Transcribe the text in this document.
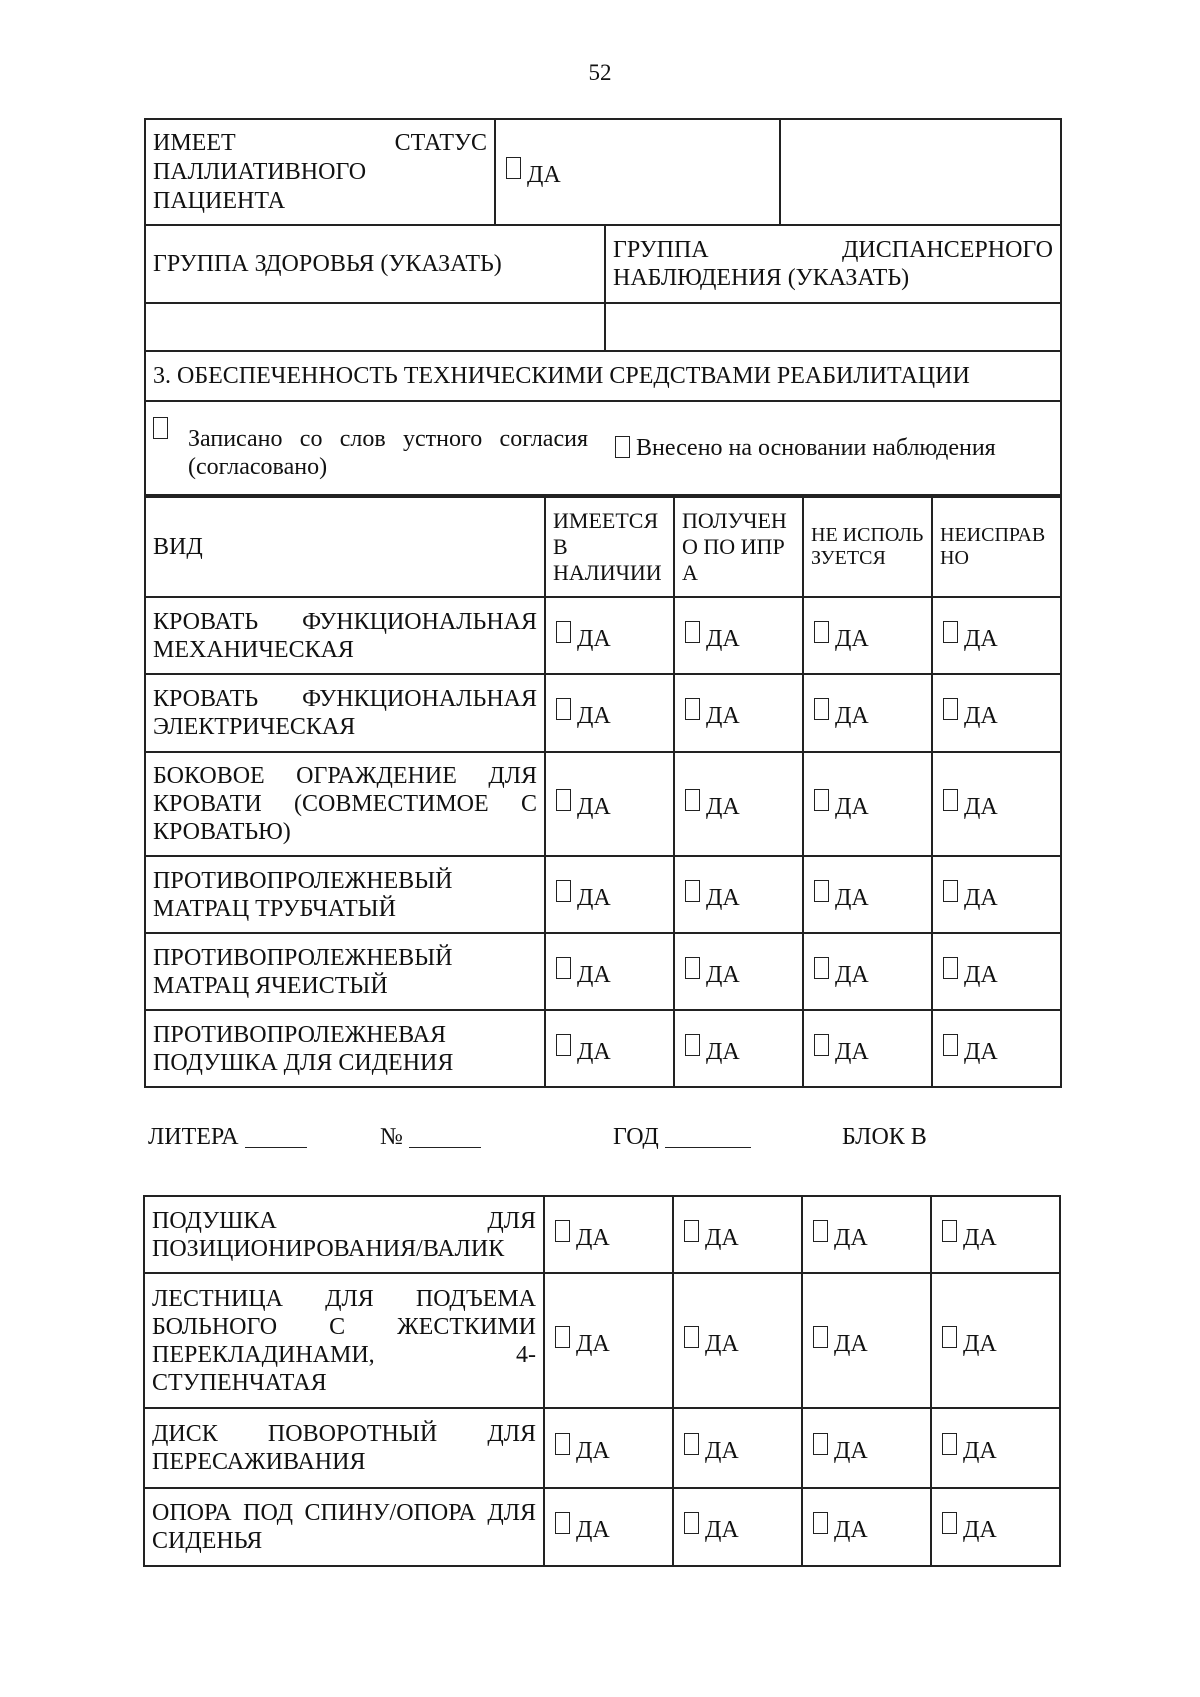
52
ИМЕЕТ СТАТУС
ПАЛЛИАТИВНОГО
ПАЦИЕНТА	ДА		
ГРУППА ЗДОРОВЬЯ (УКАЗАТЬ)		ГРУППА ДИСПАНСЕРНОГО НАБЛЮДЕНИЯ (УКАЗАТЬ)	

3. ОБЕСПЕЧЕННОСТЬ ТЕХНИЧЕСКИМИ СРЕДСТВАМИ РЕАБИЛИТАЦИИ			

Записано со слов устного согласия (согласовано)
Внесено на основании наблюдения			
ВИД	ИМЕЕТСЯ В НАЛИЧИИ	ПОЛУЧЕНО ПО ИПРА	НЕ ИСПОЛЬЗУЕТСЯ	НЕИСПРАВНО
КРОВАТЬ ФУНКЦИОНАЛЬНАЯ МЕХАНИЧЕСКАЯ	ДА	ДА	ДА	ДА
КРОВАТЬ ФУНКЦИОНАЛЬНАЯ ЭЛЕКТРИЧЕСКАЯ	ДА	ДА	ДА	ДА
БОКОВОЕ ОГРАЖДЕНИЕ ДЛЯ КРОВАТИ (СОВМЕСТИМОЕ С КРОВАТЬЮ)	ДА	ДА	ДА	ДА
ПРОТИВОПРОЛЕЖНЕВЫЙ МАТРАЦ ТРУБЧАТЫЙ	ДА	ДА	ДА	ДА
ПРОТИВОПРОЛЕЖНЕВЫЙ МАТРАЦ ЯЧЕИСТЫЙ	ДА	ДА	ДА	ДА
ПРОТИВОПРОЛЕЖНЕВАЯ ПОДУШКА ДЛЯ СИДЕНИЯ	ДА	ДА	ДА	ДА
ЛИТЕРА	№	ГОД	БЛОК В
ПОДУШКА ДЛЯ ПОЗИЦИОНИРОВАНИЯ/ВАЛИК	ДА	ДА	ДА	ДА
ЛЕСТНИЦА ДЛЯ ПОДЪЕМА БОЛЬНОГО С ЖЕСТКИМИ ПЕРЕКЛАДИНАМИ, 4-СТУПЕНЧАТАЯ	ДА	ДА	ДА	ДА
ДИСК ПОВОРОТНЫЙ ДЛЯ ПЕРЕСАЖИВАНИЯ	ДА	ДА	ДА	ДА
ОПОРА ПОД СПИНУ/ОПОРА ДЛЯ СИДЕНЬЯ	ДА	ДА	ДА	ДА
